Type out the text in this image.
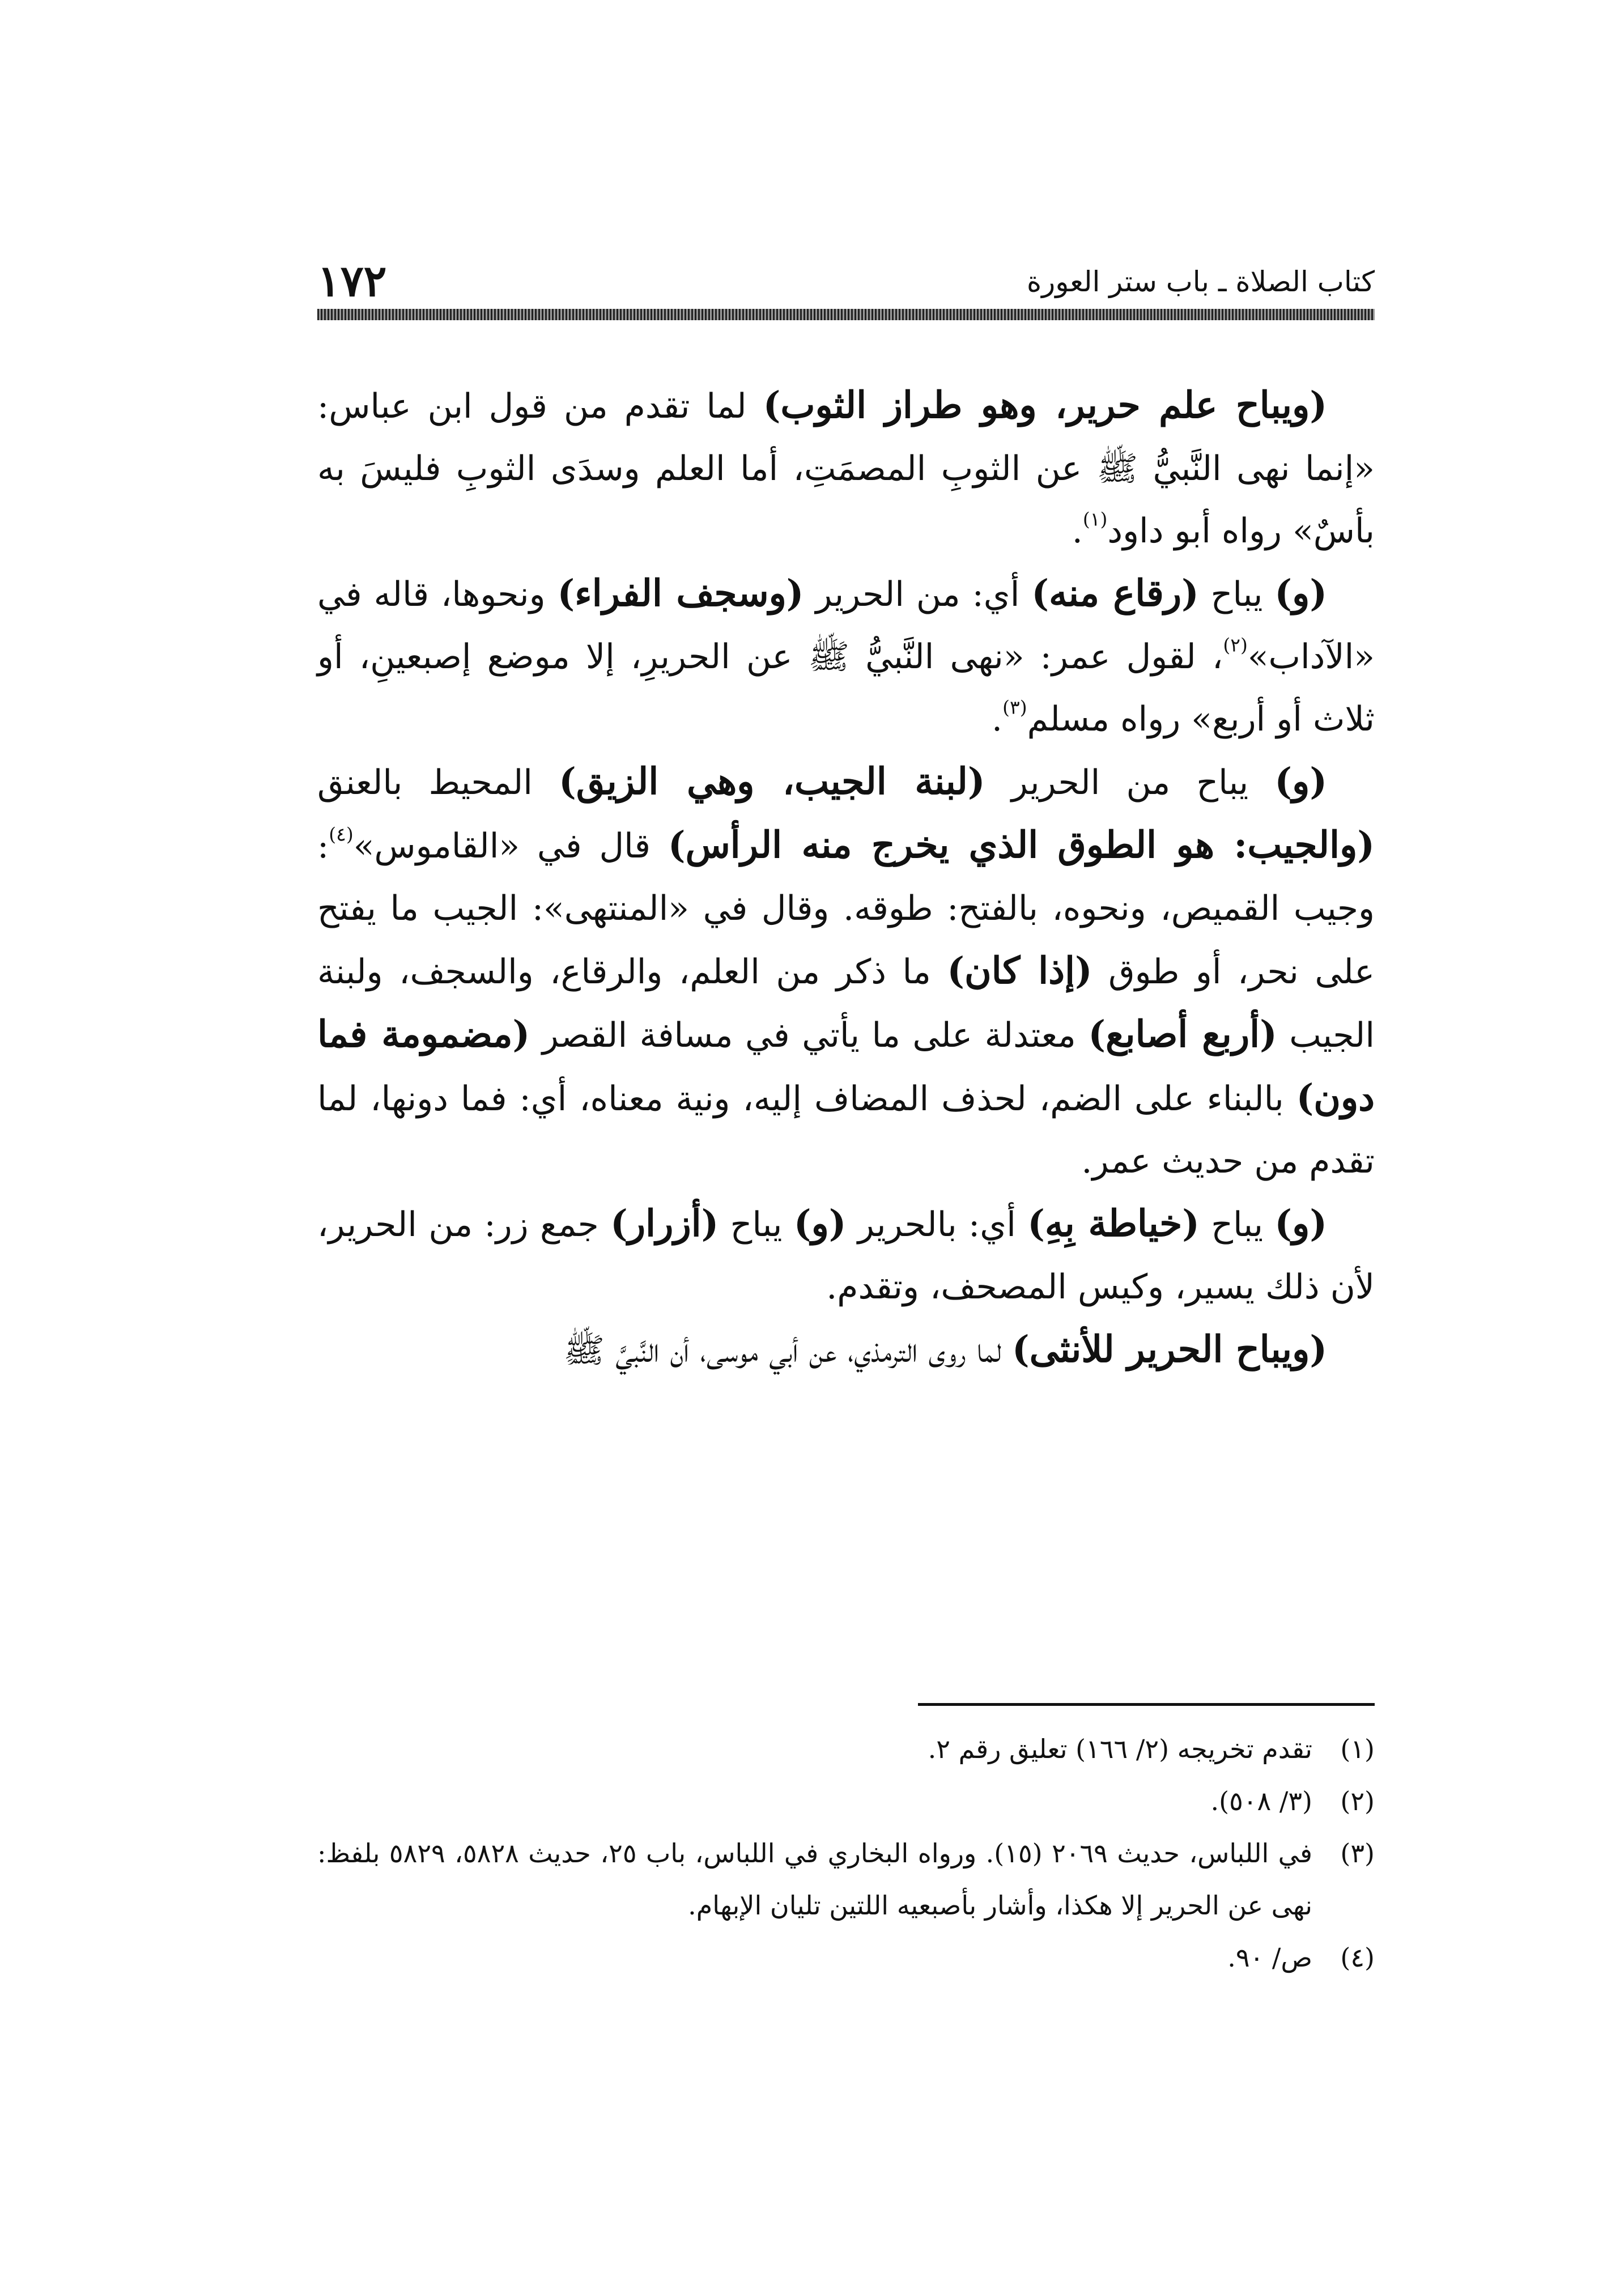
كتاب الصلاة ـ باب ستر العورة
١٧٢

(ويباح علم حرير، وهو طراز الثوب) لما تقدم من قول ابن عباس: «إنما نهى النَّبيُّ ﷺ عن الثوبِ المصمَتِ، أما العلم وسدَى الثوبِ فليسَ به بأسٌ» رواه أبو داود$^{(١)}$.

(و) يباح (رقاع منه) أي: من الحرير (وسجف الفراء) ونحوها، قاله في «الآداب»$^{(٢)}$، لقول عمر: «نهى النَّبيُّ ﷺ عن الحريرِ، إلا موضع إصبعينِ، أو ثلاث أو أربع» رواه مسلم$^{(٣)}$.

(و) يباح من الحرير (لبنة الجيب، وهي الزيق) المحيط بالعنق (والجيب: هو الطوق الذي يخرج منه الرأس) قال في «القاموس»$^{(٤)}$: وجيب القميص، ونحوه، بالفتح: طوقه. وقال في «المنتهى»: الجيب ما يفتح على نحر، أو طوق (إذا كان) ما ذكر من العلم، والرقاع، والسجف، ولبنة الجيب (أربع أصابع) معتدلة على ما يأتي في مسافة القصر (مضمومة فما دون) بالبناء على الضم، لحذف المضاف إليه، ونية معناه، أي: فما دونها، لما تقدم من حديث عمر.

(و) يباح (خياطة بِهِ) أي: بالحرير (و) يباح (أزرار) جمع زر: من الحرير، لأن ذلك يسير، وكيس المصحف، وتقدم.

(ويباح الحرير للأنثى) لما روى الترمذي، عن أبي موسى، أن النَّبيَّ ﷺ

(١)
تقدم تخريجه (٢/ ١٦٦) تعليق رقم ٢.
(٢)
(٣/ ٥٠٨).
(٣)
في اللباس، حديث ٢٠٦٩ (١٥). ورواه البخاري في اللباس، باب ٢٥، حديث ٥٨٢٨، ٥٨٢٩ بلفظ: نهى عن الحرير إلا هكذا، وأشار بأصبعيه اللتين تليان الإبهام.
(٤)
ص/ ٩٠.
